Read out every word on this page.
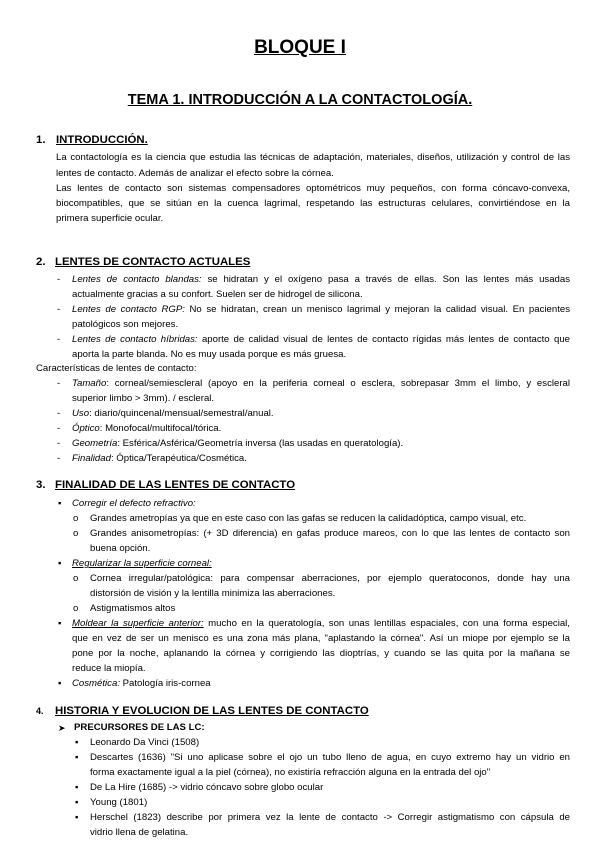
BLOQUE I
TEMA 1. INTRODUCCIÓN A LA CONTACTOLOGÍA.
1. INTRODUCCIÓN.
La contactología es la ciencia que estudia las técnicas de adaptación, materiales, diseños, utilización y control de las
lentes de contacto. Además de analizar el efecto sobre la córnea.
Las lentes de contacto son sistemas compensadores optométricos muy pequeños, con forma cóncavo-convexa,
biocompatibles, que se sitúan en la cuenca lagrimal, respetando las estructuras celulares, convirtiéndose en la
primera superficie ocular.
2. LENTES DE CONTACTO ACTUALES
- Lentes de contacto blandas: se hidratan y el oxígeno pasa a través de ellas. Son las lentes más usadas
actualmente gracias a su confort. Suelen ser de hidrogel de silicona.
- Lentes de contacto RGP: No se hidratan, crean un menisco lagrimal y mejoran la calidad visual. En pacientes
patológicos son mejores.
- Lentes de contacto híbridas: aporte de calidad visual de lentes de contacto rígidas más lentes de contacto que
aporta la parte blanda. No es muy usada porque es más gruesa.
Características de lentes de contacto:
- Tamaño: corneal/semiescleral (apoyo en la periferia corneal o esclera, sobrepasar 3mm el limbo, y escleral
superior limbo > 3mm). / escleral.
- Uso: diario/quincenal/mensual/semestral/anual.
- Óptico: Monofocal/multifocal/tórica.
- Geometría: Esférica/Asférica/Geometría inversa (las usadas en queratología).
- Finalidad: Óptica/Terapéutica/Cosmética.
3. FINALIDAD DE LAS LENTES DE CONTACTO
▪ Corregir el defecto refractivo:
o Grandes ametropías ya que en este caso con las gafas se reducen la calidadóptica, campo visual, etc.
o Grandes anisometropías: (+ 3D diferencia) en gafas produce mareos, con lo que las lentes de contacto son
buena opción.
▪ Regularizar la superficie corneal:
o Cornea irregular/patológica: para compensar aberraciones, por ejemplo queratoconos, donde hay una
distorsión de visión y la lentilla minimiza las aberraciones.
o Astigmatismos altos
▪ Moldear la superficie anterior: mucho en la queratología, son unas lentillas espaciales, con una forma especial,
que en vez de ser un menisco es una zona más plana, "aplastando la córnea". Así un miope por ejemplo se la
pone por la noche, aplanando la córnea y corrigiendo las dioptrías, y cuando se las quita por la mañana se
reduce la miopía.
▪ Cosmética: Patología iris-cornea
4. HISTORIA Y EVOLUCION DE LAS LENTES DE CONTACTO
➤ PRECURSORES DE LAS LC:
▪ Leonardo Da Vinci (1508)
▪ Descartes (1636) "Si uno aplicase sobre el ojo un tubo lleno de agua, en cuyo extremo hay un vidrio en
forma exactamente igual a la piel (córnea), no existiría refracción alguna en la entrada del ojo"
▪ De La Hire (1685) -> vidrio cóncavo sobre globo ocular
▪ Young (1801)
▪ Herschel (1823) describe por primera vez la lente de contacto -> Corregir astigmatismo con cápsula de
vidrio llena de gelatina.
